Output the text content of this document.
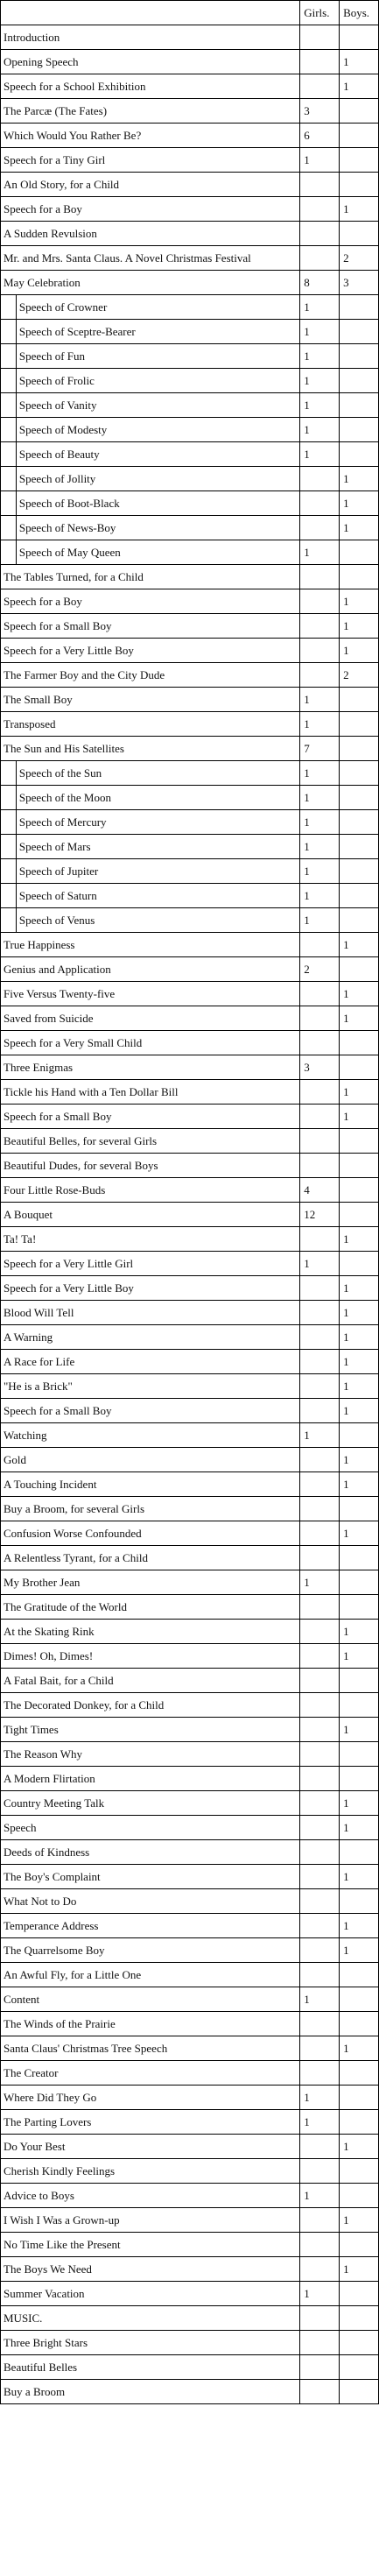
		Girls.	Boys.
Introduction			
Opening Speech			1
Speech for a School Exhibition			1
The Parcæ (The Fates)		3	
Which Would You Rather Be?		6	
Speech for a Tiny Girl		1	
An Old Story, for a Child			
Speech for a Boy			1
A Sudden Revulsion			
Mr. and Mrs. Santa Claus. A Novel Christmas Festival			2
May Celebration		8	3
	Speech of Crowner	1	
	Speech of Sceptre-Bearer	1	
	Speech of Fun	1	
	Speech of Frolic	1	
	Speech of Vanity	1	
	Speech of Modesty	1	
	Speech of Beauty	1	
	Speech of Jollity		1
	Speech of Boot-Black		1
	Speech of News-Boy		1
	Speech of May Queen	1	
The Tables Turned, for a Child			
Speech for a Boy			1
Speech for a Small Boy			1
Speech for a Very Little Boy			1
The Farmer Boy and the City Dude			2
The Small Boy		1	
Transposed		1	
The Sun and His Satellites		7	
	Speech of the Sun	1	
	Speech of the Moon	1	
	Speech of Mercury	1	
	Speech of Mars	1	
	Speech of Jupiter	1	
	Speech of Saturn	1	
	Speech of Venus	1	
True Happiness			1
Genius and Application		2	
Five Versus Twenty-five			1
Saved from Suicide			1
Speech for a Very Small Child			
Three Enigmas		3	
Tickle his Hand with a Ten Dollar Bill			1
Speech for a Small Boy			1
Beautiful Belles, for several Girls			
Beautiful Dudes, for several Boys			
Four Little Rose-Buds		4	
A Bouquet		12	
Ta! Ta!			1
Speech for a Very Little Girl		1	
Speech for a Very Little Boy			1
Blood Will Tell			1
A Warning			1
A Race for Life			1
"He is a Brick"			1
Speech for a Small Boy			1
Watching		1	
Gold			1
A Touching Incident			1
Buy a Broom, for several Girls			
Confusion Worse Confounded			1
A Relentless Tyrant, for a Child			
My Brother Jean		1	
The Gratitude of the World			
At the Skating Rink			1
Dimes! Oh, Dimes!			1
A Fatal Bait, for a Child			
The Decorated Donkey, for a Child			
Tight Times			1
The Reason Why			
A Modern Flirtation			
Country Meeting Talk			1
Speech			1
Deeds of Kindness			
The Boy's Complaint			1
What Not to Do			
Temperance Address			1
The Quarrelsome Boy			1
An Awful Fly, for a Little One			
Content		1	
The Winds of the Prairie			
Santa Claus' Christmas Tree Speech			1
The Creator			
Where Did They Go		1	
The Parting Lovers		1	
Do Your Best			1
Cherish Kindly Feelings			
Advice to Boys		1	
I Wish I Was a Grown-up			1
No Time Like the Present			
The Boys We Need			1
Summer Vacation		1	
MUSIC.			
Three Bright Stars			
Beautiful Belles			
Buy a Broom			
